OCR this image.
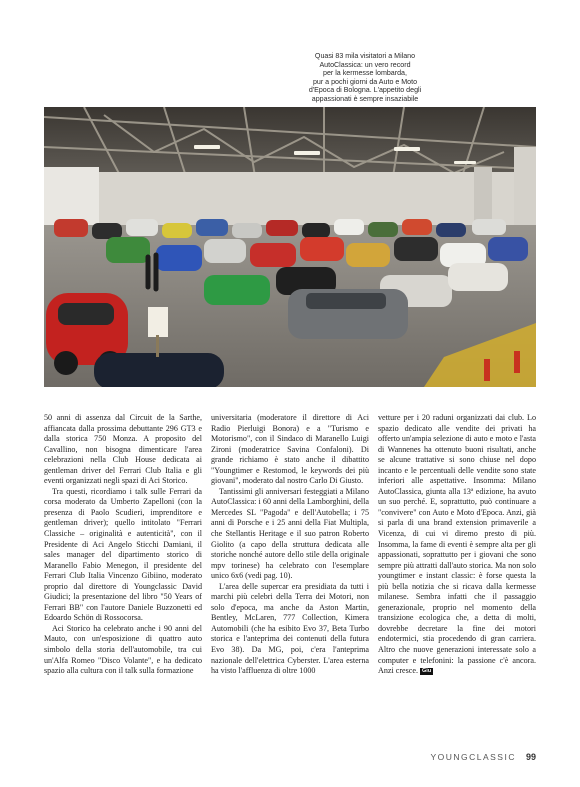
Quasi 83 mila visitatori a Milano
AutoClassica: un vero record
per la kermesse lombarda,
pur a pochi giorni da Auto e Moto
d'Epoca di Bologna. L'appetito degli
appassionati è sempre insaziabile

50 anni di assenza dal Circuit de la Sarthe, affiancata dalla prossima debuttante 296 GT3 e dalla storica 750 Monza. A proposito del Cavallino, non bisogna dimenticare l'area celebrazioni nella Club House dedicata ai gentleman driver del Ferrari Club Italia e gli eventi organizzati negli spazi di Aci Storico.

Tra questi, ricordiamo i talk sulle Ferrari da corsa moderato da Umberto Zapelloni (con la presenza di Paolo Scudieri, imprenditore e gentleman driver); quello intitolato "Ferrari Classiche – originalità e autenticità", con il Presidente di Aci Angelo Sticchi Damiani, il sales manager del dipartimento storico di Maranello Fabio Menegon, il presidente del Ferrari Club Italia Vincenzo Gibiino, moderato proprio dal direttore di Youngclassic David Giudici; la presentazione del libro "50 Years of Ferrari BB" con l'autore Daniele Buzzonetti ed Edoardo Schön di Rossocorsa.

Aci Storico ha celebrato anche i 90 anni del Mauto, con un'esposizione di quattro auto simbolo della storia dell'automobile, tra cui un'Alfa Romeo "Disco Volante", e ha dedicato spazio alla cultura con il talk sulla formazione

universitaria (moderatore il direttore di Aci Radio Pierluigi Bonora) e a "Turismo e Motorismo", con il Sindaco di Maranello Luigi Zironi (moderatrice Savina Confaloni). Di grande richiamo è stato anche il dibattito "Youngtimer e Restomod, le keywords dei più giovani", moderato dal nostro Carlo Di Giusto.

Tantissimi gli anniversari festeggiati a Milano AutoClassica: i 60 anni della Lamborghini, della Mercedes SL "Pagoda" e dell'Autobella; i 75 anni di Porsche e i 25 anni della Fiat Multipla, che Stellantis Heritage e il suo patron Roberto Giolito (a capo della struttura dedicata alle storiche nonché autore dello stile della originale mpv torinese) ha celebrato con l'esemplare unico 6x6 (vedi pag. 10).

L'area delle supercar era presidiata da tutti i marchi più celebri della Terra dei Motori, non solo d'epoca, ma anche da Aston Martin, Bentley, McLaren, 777 Collection, Kimera Automobili (che ha esibito Evo 37, Beta Turbo storica e l'anteprima dei contenuti della futura Evo 38). Da MG, poi, c'era l'anteprima nazionale dell'elettrica Cyberster. L'area esterna ha visto l'affluenza di oltre 1000

vetture per i 20 raduni organizzati dai club. Lo spazio dedicato alle vendite dei privati ha offerto un'ampia selezione di auto e moto e l'asta di Wannenes ha ottenuto buoni risultati, anche se alcune trattative si sono chiuse nel dopo incanto e le percentuali delle vendite sono state inferiori alle aspettative. Insomma: Milano AutoClassica, giunta alla 13ª edizione, ha avuto un suo perché. E, soprattutto, può continuare a "convivere" con Auto e Moto d'Epoca. Anzi, già si parla di una brand extension primaverile a Vicenza, di cui vi diremo presto di più. Insomma, la fame di eventi è sempre alta per gli appassionati, soprattutto per i giovani che sono sempre più attratti dall'auto storica. Ma non solo youngtimer e instant classic: è forse questa la più bella notizia che si ricava dalla kermesse milanese. Sembra infatti che il passaggio generazionale, proprio nel momento della transizione ecologica che, a detta di molti, dovrebbe decretare la fine dei motori endotermici, stia procedendo di gran carriera. Altro che nuove generazioni interessate solo a computer e telefonini: la passione c'è ancora. Anzi cresce. Giu

YOUNGCLASSIC 99
